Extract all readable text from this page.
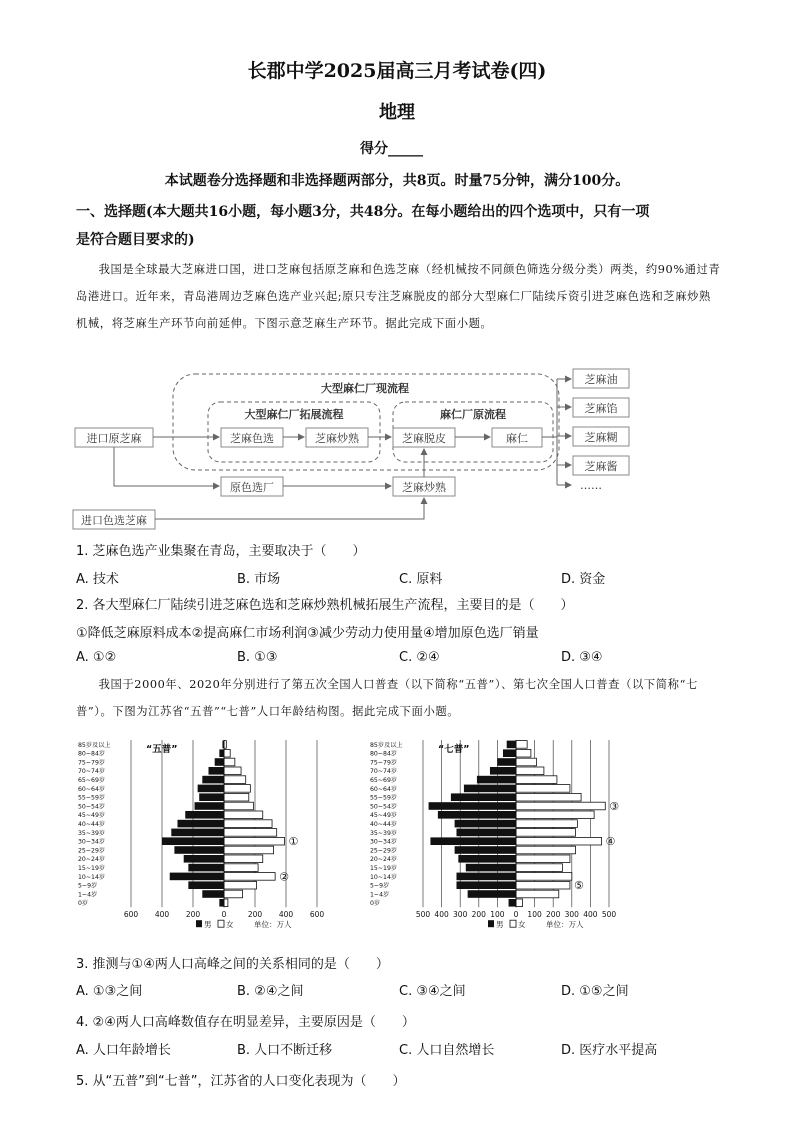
长郡中学2025届高三月考试卷(四)
地理
得分_____
本试题卷分选择题和非选择题两部分，共8页。时量75分钟，满分100分。
一、选择题(本大题共16小题，每小题3分，共48分。在每小题给出的四个选项中，只有一项
是符合题目要求的)
我国是全球最大芝麻进口国，进口芝麻包括原芝麻和色选芝麻（经机械按不同颜色筛选分级分类）两类，约90%通过青岛港进口。近年来，青岛港周边芝麻色选产业兴起;原只专注芝麻脱皮的部分大型麻仁厂陆续斥资引进芝麻色选和芝麻炒熟机械，将芝麻生产环节向前延伸。下图示意芝麻生产环节。据此完成下面小题。
大型麻仁厂现流程
大型麻仁厂拓展流程	麻仁厂原流程
进口原芝麻	芝麻色选	芝麻炒熟	芝麻脱皮	麻仁
原色选厂	芝麻炒熟
进口色选芝麻
芝麻油
芝麻馅
芝麻糊
芝麻酱
……
1. 芝麻色选产业集聚在青岛，主要取决于（　　）
A. 技术	B. 市场	C. 原料	D. 资金
2. 各大型麻仁厂陆续引进芝麻色选和芝麻炒熟机械拓展生产流程，主要目的是（　　）
①降低芝麻原料成本②提高麻仁市场利润③减少劳动力使用量④增加原色选厂销量
A. ①②	B. ①③	C. ②④	D. ③④
我国于2000年、2020年分别进行了第五次全国人口普查（以下简称“五普”）、第七次全国人口普查（以下简称“七普”）。下图为江苏省“五普”“七普”人口年龄结构图。据此完成下面小题。
600 400 200	0	200 400 600
85岁及以上
80~84岁
75~79岁
70~74岁
65~69岁
60~64岁
55~59岁
50~54岁
45~49岁
40~44岁
35~39岁
30~34岁
25~29岁
20~24岁
15~19岁
10~14岁
5~9岁
1~4岁
0岁
“五普”
①
②
男 女	单位：万人
500 400 300 200 100 0 100 200 300 400 500
85岁及以上
80~84岁
75~79岁
70~74岁
65~69岁
60~64岁
55~59岁
50~54岁
45~49岁
40~44岁
35~39岁
30~34岁
25~29岁
20~24岁
15~19岁
10~14岁
5~9岁
1~4岁
0岁
“七普”
③
④
⑤
男 女	单位：万人
3. 推测与①④两人口高峰之间的关系相同的是（　　）
A. ①③之间	B. ②④之间	C. ③④之间	D. ①⑤之间
4. ②④两人口高峰数值存在明显差异，主要原因是（　　）
A. 人口年龄增长	B. 人口不断迁移	C. 人口自然增长	D. 医疗水平提高
5. 从“五普”到“七普”，江苏省的人口变化表现为（　　）
